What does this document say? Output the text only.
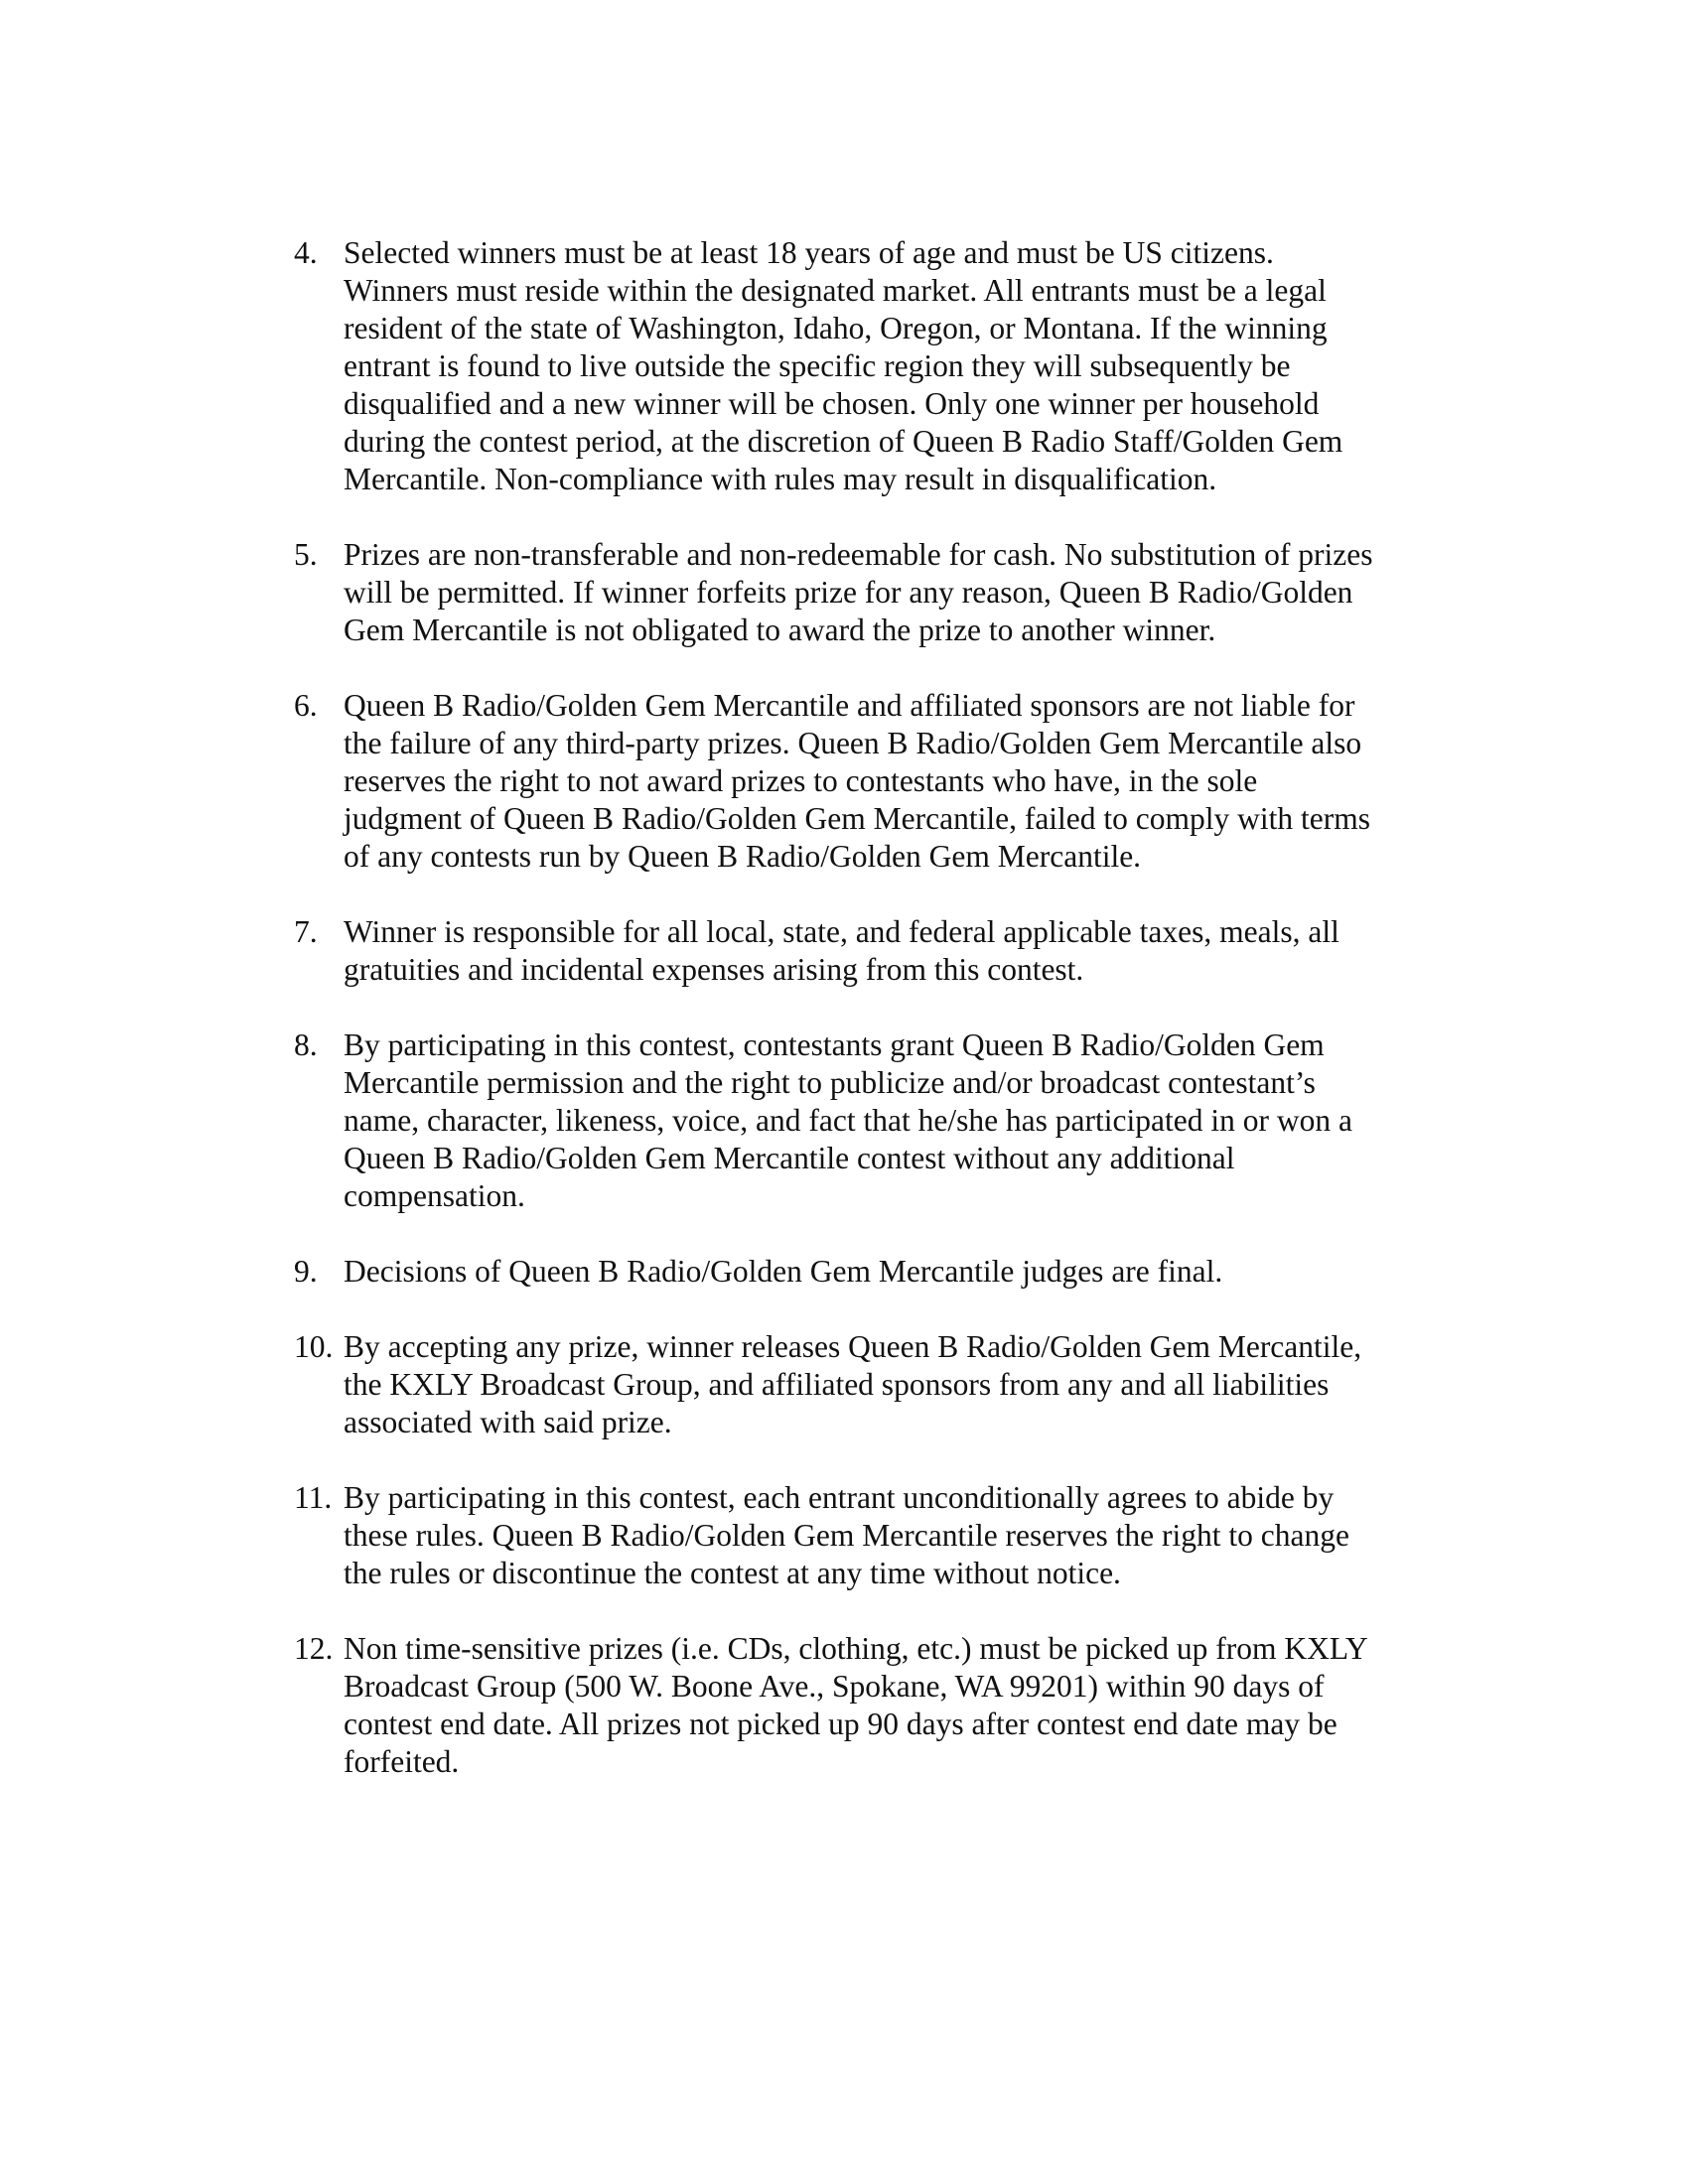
4. Selected winners must be at least 18 years of age and must be US citizens.
Winners must reside within the designated market. All entrants must be a legal
resident of the state of Washington, Idaho, Oregon, or Montana. If the winning
entrant is found to live outside the specific region they will subsequently be
disqualified and a new winner will be chosen. Only one winner per household
during the contest period, at the discretion of Queen B Radio Staff/Golden Gem
Mercantile. Non-compliance with rules may result in disqualification.
5. Prizes are non-transferable and non-redeemable for cash. No substitution of prizes
will be permitted. If winner forfeits prize for any reason, Queen B Radio/Golden
Gem Mercantile is not obligated to award the prize to another winner.
6. Queen B Radio/Golden Gem Mercantile and affiliated sponsors are not liable for
the failure of any third-party prizes. Queen B Radio/Golden Gem Mercantile also
reserves the right to not award prizes to contestants who have, in the sole
judgment of Queen B Radio/Golden Gem Mercantile, failed to comply with terms
of any contests run by Queen B Radio/Golden Gem Mercantile.
7. Winner is responsible for all local, state, and federal applicable taxes, meals, all
gratuities and incidental expenses arising from this contest.
8. By participating in this contest, contestants grant Queen B Radio/Golden Gem
Mercantile permission and the right to publicize and/or broadcast contestant’s
name, character, likeness, voice, and fact that he/she has participated in or won a
Queen B Radio/Golden Gem Mercantile contest without any additional
compensation.
9. Decisions of Queen B Radio/Golden Gem Mercantile judges are final.
10. By accepting any prize, winner releases Queen B Radio/Golden Gem Mercantile,
the KXLY Broadcast Group, and affiliated sponsors from any and all liabilities
associated with said prize.
11. By participating in this contest, each entrant unconditionally agrees to abide by
these rules. Queen B Radio/Golden Gem Mercantile reserves the right to change
the rules or discontinue the contest at any time without notice.
12. Non time-sensitive prizes (i.e. CDs, clothing, etc.) must be picked up from KXLY
Broadcast Group (500 W. Boone Ave., Spokane, WA 99201) within 90 days of
contest end date. All prizes not picked up 90 days after contest end date may be
forfeited.
